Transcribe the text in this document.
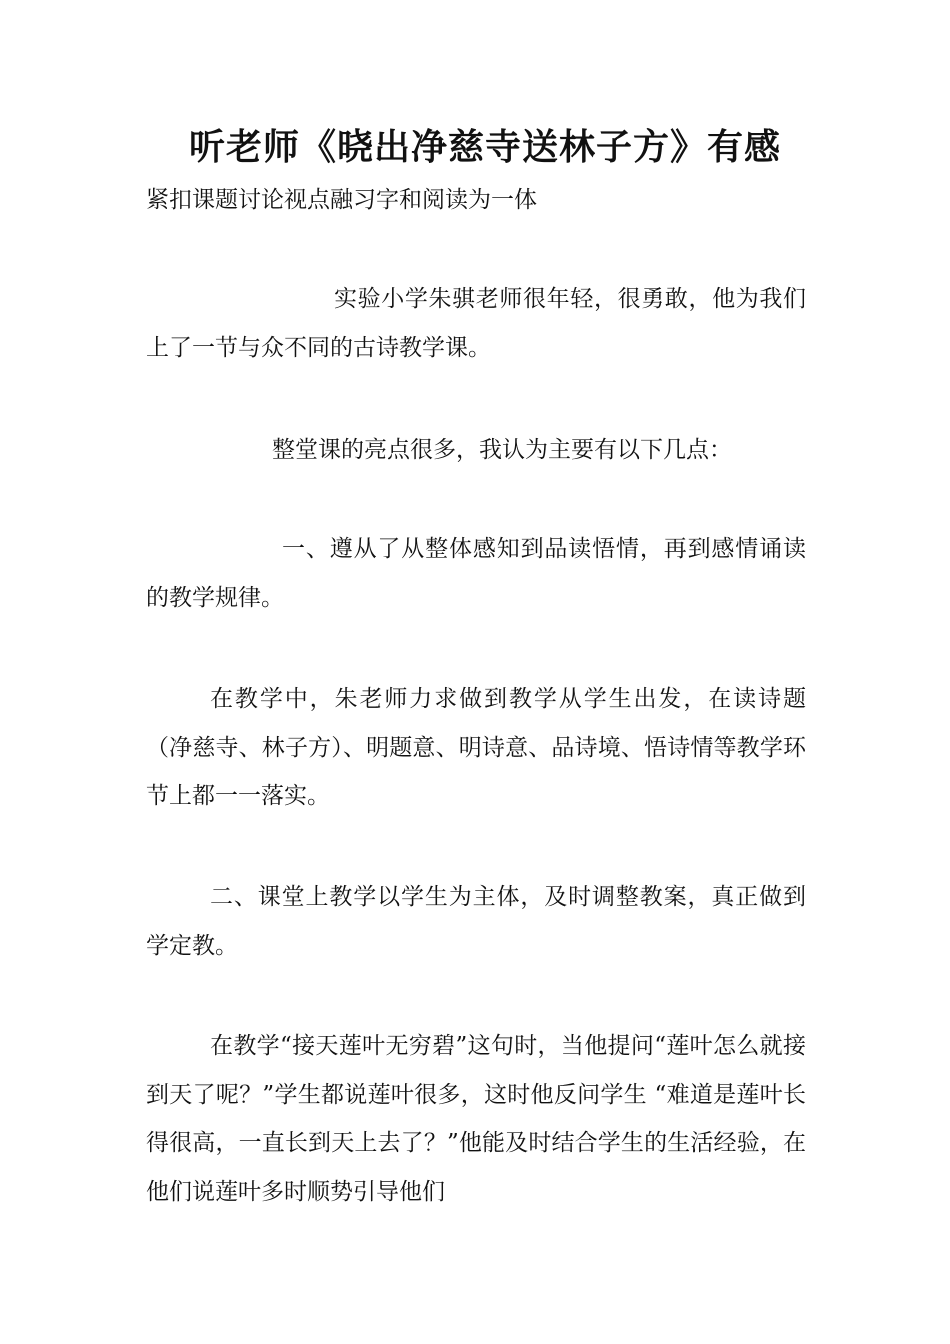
听老师《晓出净慈寺送林子方》有感

紧扣课题讨论视点融习字和阅读为一体

实验小学朱骐老师很年轻，很勇敢，他为我们上了一节与众不同的古诗教学课。

整堂课的亮点很多，我认为主要有以下几点：

一、遵从了从整体感知到品读悟情，再到感情诵读的教学规律。

在教学中，朱老师力求做到教学从学生出发，在读诗题（净慈寺、林子方）、明题意、明诗意、品诗境、悟诗情等教学环节上都一一落实。

二、课堂上教学以学生为主体，及时调整教案，真正做到学定教。

在教学“接天莲叶无穷碧”这句时，当他提问“莲叶怎么就接到天了呢？”学生都说莲叶很多，这时他反问学生 “难道是莲叶长得很高，一直长到天上去了？”他能及时结合学生的生活经验，在他们说莲叶多时顺势引导他们
